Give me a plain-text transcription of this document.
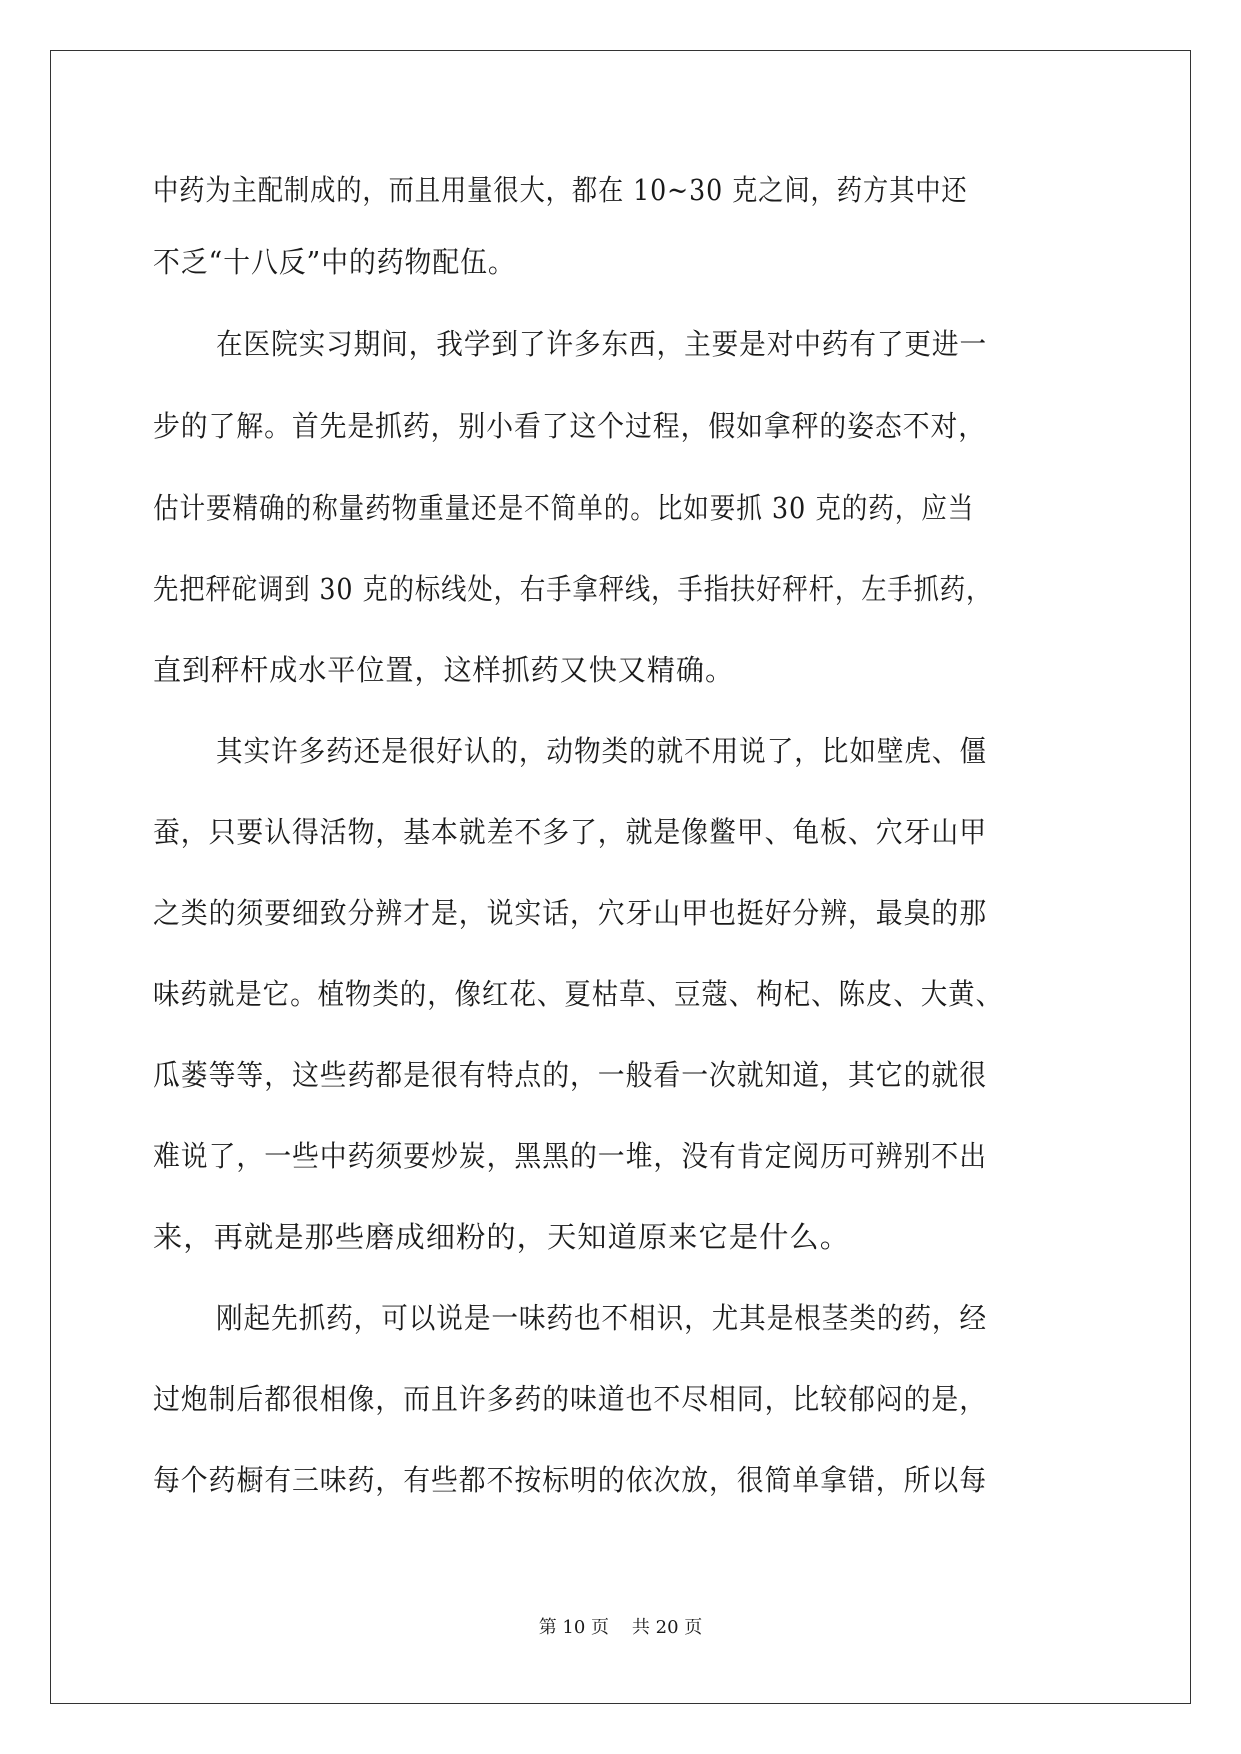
中药为主配制成的，而且用量很大，都在 10~30 克之间，药方其中还
不乏“十八反”中的药物配伍。
在医院实习期间，我学到了许多东西，主要是对中药有了更进一
步的了解。首先是抓药，别小看了这个过程，假如拿秤的姿态不对，
估计要精确的称量药物重量还是不简单的。比如要抓 30 克的药，应当
先把秤砣调到 30 克的标线处，右手拿秤线，手指扶好秤杆，左手抓药，
直到秤杆成水平位置，这样抓药又快又精确。
其实许多药还是很好认的，动物类的就不用说了，比如壁虎、僵
蚕，只要认得活物，基本就差不多了，就是像鳖甲、龟板、穴牙山甲
之类的须要细致分辨才是，说实话，穴牙山甲也挺好分辨，最臭的那
味药就是它。植物类的，像红花、夏枯草、豆蔻、枸杞、陈皮、大黄、
瓜蒌等等，这些药都是很有特点的，一般看一次就知道，其它的就很
难说了，一些中药须要炒炭，黑黑的一堆，没有肯定阅历可辨别不出
来，再就是那些磨成细粉的，天知道原来它是什么。
刚起先抓药，可以说是一味药也不相识，尤其是根茎类的药，经
过炮制后都很相像，而且许多药的味道也不尽相同，比较郁闷的是，
每个药橱有三味药，有些都不按标明的依次放，很简单拿错，所以每
第 10 页    共 20 页
